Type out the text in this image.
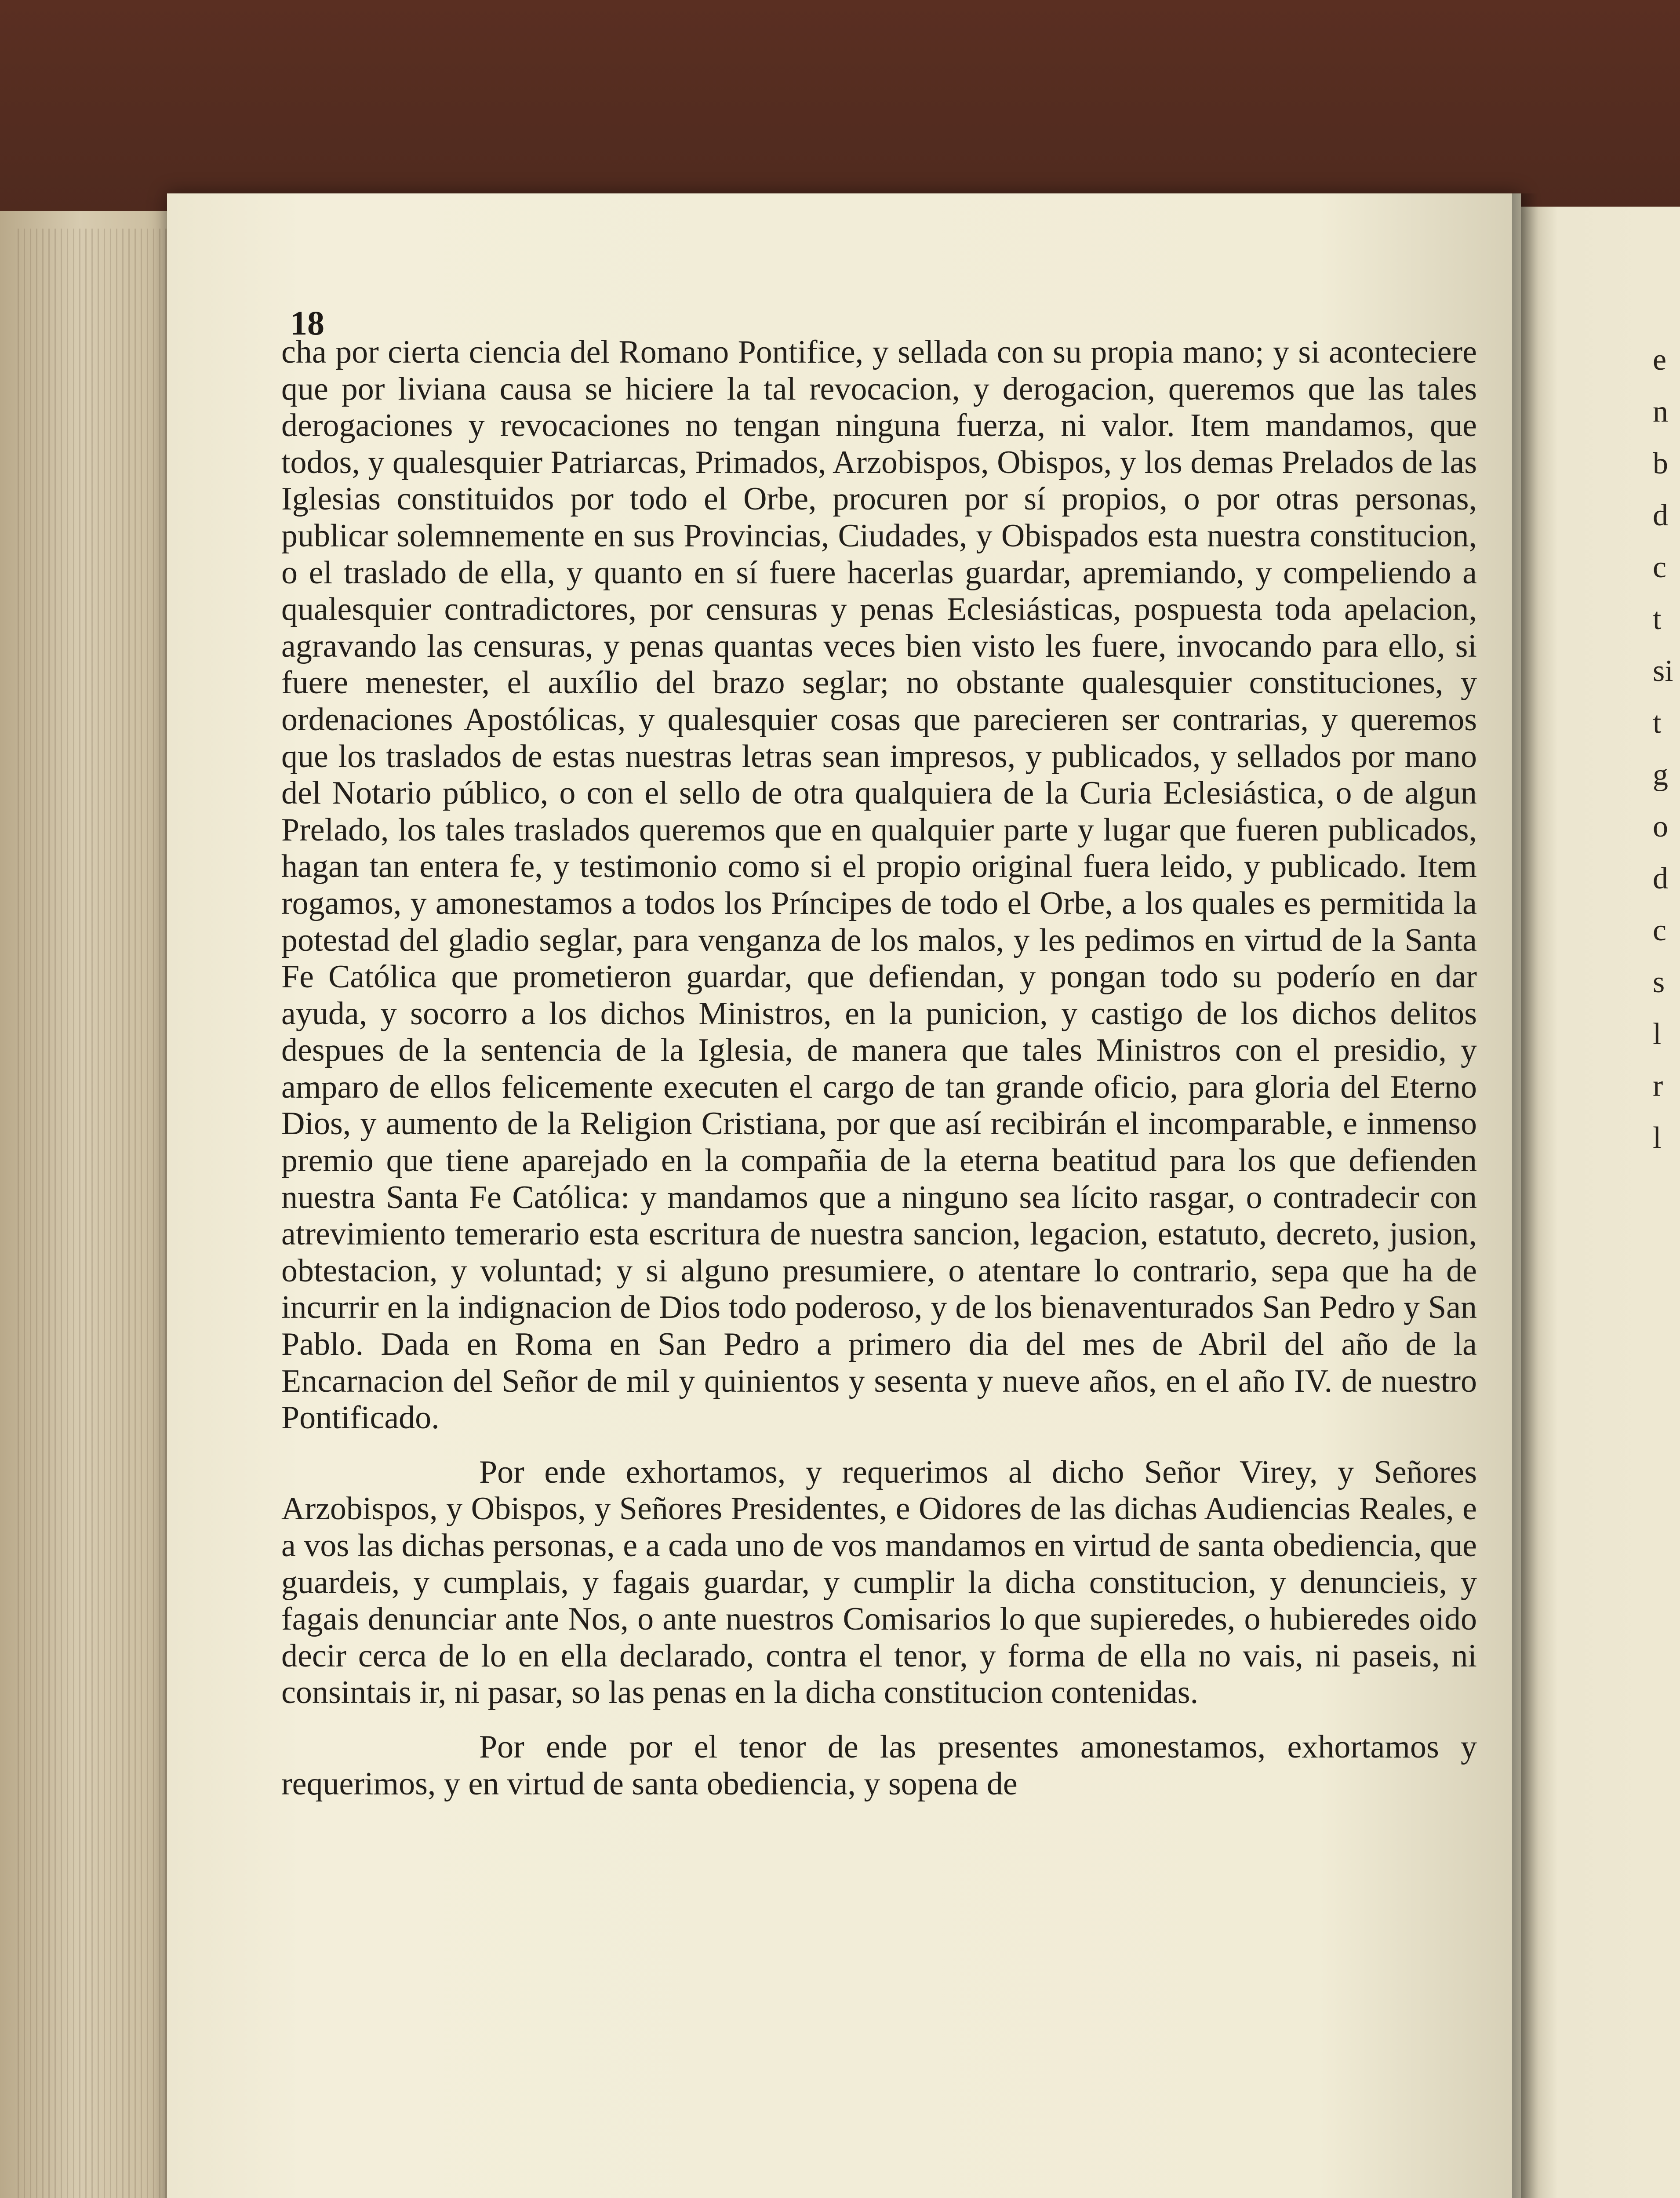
18

cha por cierta ciencia del Romano Pontifice, y sellada con su propia mano; y si aconteciere que por liviana causa se hiciere la tal revocacion, y derogacion, queremos que las tales derogaciones y revocaciones no tengan ninguna fuerza, ni valor. Item mandamos, que todos, y qualesquier Patriarcas, Primados, Arzobispos, Obispos, y los demas Prelados de las Iglesias constituidos por todo el Orbe, procuren por sí propios, o por otras personas, publicar solemnemente en sus Provincias, Ciudades, y Obispados esta nuestra constitucion, o el traslado de ella, y quanto en sí fuere hacerlas guardar, apremiando, y compeliendo a qualesquier contradictores, por censuras y penas Eclesiásticas, pospuesta toda apelacion, agravando las censuras, y penas quantas veces bien visto les fuere, invocando para ello, si fuere menester, el auxílio del brazo seglar; no obstante qualesquier constituciones, y ordenaciones Apostólicas, y qualesquier cosas que parecieren ser contrarias, y queremos que los traslados de estas nuestras letras sean impresos, y publicados, y sellados por mano del Notario público, o con el sello de otra qualquiera de la Curia Eclesiástica, o de algun Prelado, los tales traslados queremos que en qualquier parte y lugar que fueren publicados, hagan tan entera fe, y testimonio como si el propio original fuera leido, y publicado. Item rogamos, y amonestamos a todos los Príncipes de todo el Orbe, a los quales es permitida la potestad del gladio seglar, para venganza de los malos, y les pedimos en virtud de la Santa Fe Católica que prometieron guardar, que defiendan, y pongan todo su poderío en dar ayuda, y socorro a los dichos Ministros, en la punicion, y castigo de los dichos delitos despues de la sentencia de la Iglesia, de manera que tales Ministros con el presidio, y amparo de ellos felicemente executen el cargo de tan grande oficio, para gloria del Eterno Dios, y aumento de la Religion Cristiana, por que así recibirán el incomparable, e inmenso premio que tiene aparejado en la compañia de la eterna beatitud para los que defienden nuestra Santa Fe Católica: y mandamos que a ninguno sea lícito rasgar, o contradecir con atrevimiento temerario esta escritura de nuestra sancion, legacion, estatuto, decreto, jusion, obtestacion, y voluntad; y si alguno presumiere, o atentare lo contrario, sepa que ha de incurrir en la indignacion de Dios todo poderoso, y de los bienaventurados San Pedro y San Pablo. Dada en Roma en San Pedro a primero dia del mes de Abril del año de la Encarnacion del Señor de mil y quinientos y sesenta y nueve años, en el año IV. de nuestro Pontificado.

Por ende exhortamos, y requerimos al dicho Señor Virey, y Señores Arzobispos, y Obispos, y Señores Presidentes, e Oidores de las dichas Audiencias Reales, e a vos las dichas personas, e a cada uno de vos mandamos en virtud de santa obediencia, que guardeis, y cumplais, y fagais guardar, y cumplir la dicha constitucion, y denuncieis, y fagais denunciar ante Nos, o ante nuestros Comisarios lo que supieredes, o hubieredes oido decir cerca de lo en ella declarado, contra el tenor, y forma de ella no vais, ni paseis, ni consintais ir, ni pasar, so las penas en la dicha constitucion contenidas.

Por ende por el tenor de las presentes amonestamos, exhortamos y requerimos, y en virtud de santa obediencia, y sopena de

e
n
b
d
c
t
si
t
g
o
d
c
s
l
r
l
